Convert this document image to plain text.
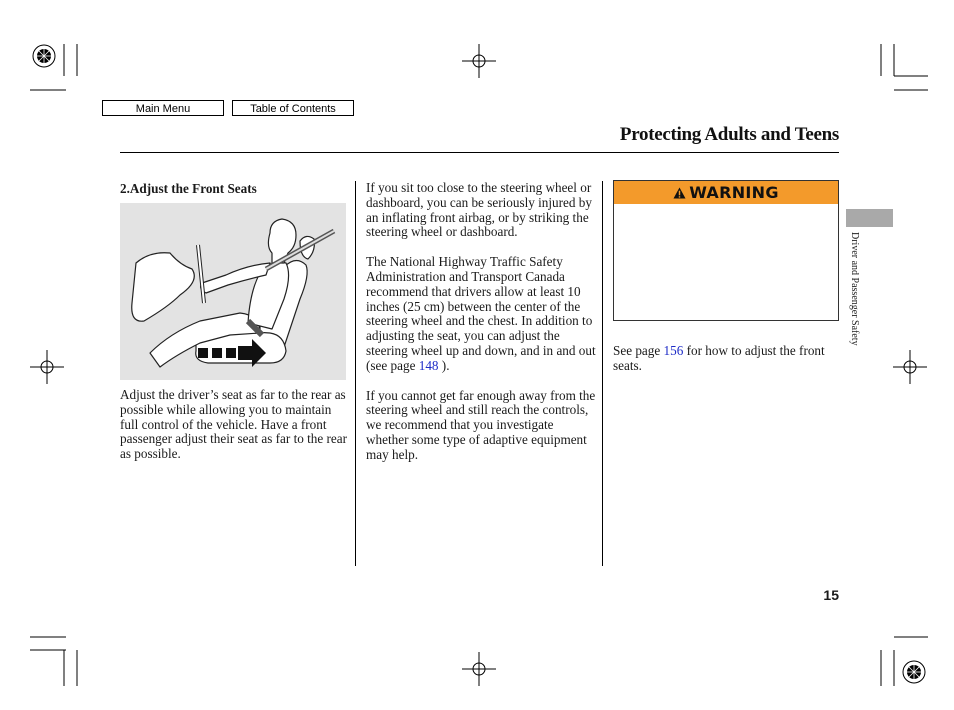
Main Menu	Table of Contents
Protecting Adults and Teens
2.Adjust the Front Seats

Adjust the driver’s seat as far to the rear as possible while allowing you to maintain full control of the vehicle. Have a front passenger adjust their seat as far to the rear as possible.

If you sit too close to the steering wheel or dashboard, you can be seriously injured by an inflating front airbag, or by striking the steering wheel or dashboard.

The National Highway Traffic Safety Administration and Transport Canada recommend that drivers allow at least 10 inches (25 cm) between the center of the steering wheel and the chest. In addition to adjusting the seat, you can adjust the steering wheel up and down, and in and out (see page 148 ).

If you cannot get far enough away from the steering wheel and still reach the controls, we recommend that you investigate whether some type of adaptive equipment may help.

WARNING

See page 156 for how to adjust the front seats.

Driver and Passenger Safety
15
